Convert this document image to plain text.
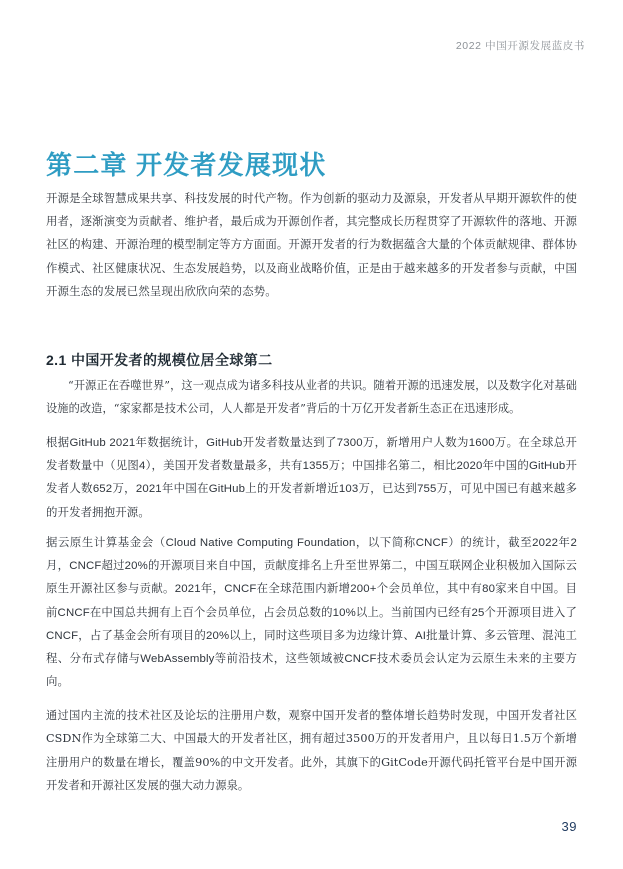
2022 中国开源发展蓝皮书
第二章 开发者发展现状

开源是全球智慧成果共享、科技发展的时代产物。作为创新的驱动力及源泉，开发者从早期开源软件的使用者，逐渐演变为贡献者、维护者，最后成为开源创作者，其完整成长历程贯穿了开源软件的落地、开源社区的构建、开源治理的模型制定等方方面面。开源开发者的行为数据蕴含大量的个体贡献规律、群体协作模式、社区健康状况、生态发展趋势，以及商业战略价值，正是由于越来越多的开发者参与贡献，中国开源生态的发展已然呈现出欣欣向荣的态势。

2.1 中国开发者的规模位居全球第二

“开源正在吞噬世界”，这一观点成为诸多科技从业者的共识。随着开源的迅速发展，以及数字化对基础设施的改造，“家家都是技术公司，人人都是开发者”背后的十万亿开发者新生态正在迅速形成。

根据GitHub 2021年数据统计，GitHub开发者数量达到了7300万，新增用户人数为1600万。在全球总开发者数量中（见图4），美国开发者数量最多，共有1355万；中国排名第二，相比2020年中国的GitHub开发者人数652万，2021年中国在GitHub上的开发者新增近103万，已达到755万，可见中国已有越来越多的开发者拥抱开源。

据云原生计算基金会（Cloud Native Computing Foundation，以下简称CNCF）的统计，截至2022年2月，CNCF超过20%的开源项目来自中国，贡献度排名上升至世界第二，中国互联网企业积极加入国际云原生开源社区参与贡献。2021年，CNCF在全球范围内新增200+个会员单位，其中有80家来自中国。目前CNCF在中国总共拥有上百个会员单位，占会员总数的10%以上。当前国内已经有25个开源项目进入了CNCF，占了基金会所有项目的20%以上，同时这些项目多为边缘计算、AI批量计算、多云管理、混沌工程、分布式存储与WebAssembly等前沿技术，这些领域被CNCF技术委员会认定为云原生未来的主要方向。

通过国内主流的技术社区及论坛的注册用户数，观察中国开发者的整体增长趋势时发现，中国开发者社区CSDN作为全球第二大、中国最大的开发者社区，拥有超过3500万的开发者用户，且以每日1.5万个新增注册用户的数量在增长，覆盖90%的中文开发者。此外，其旗下的GitCode开源代码托管平台是中国开源开发者和开源社区发展的强大动力源泉。

39
